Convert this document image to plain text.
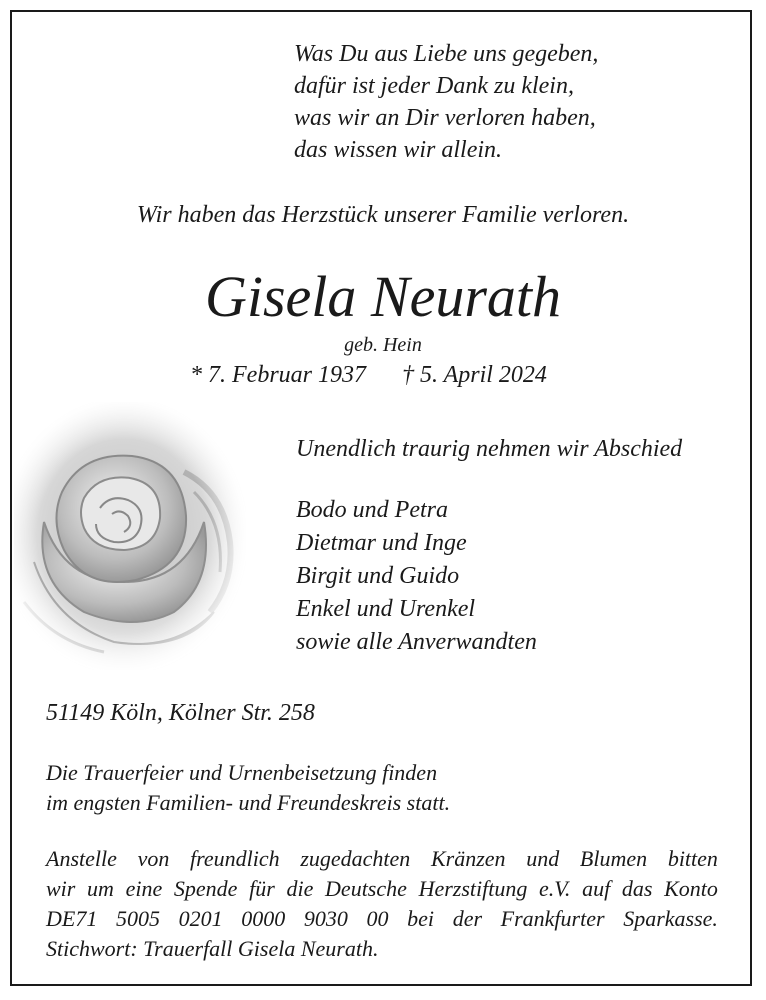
Was Du aus Liebe uns gegeben,
dafür ist jeder Dank zu klein,
was wir an Dir verloren haben,
das wissen wir allein.
Wir haben das Herzstück unserer Familie verloren.
Gisela Neurath
geb. Hein
* 7. Februar 1937 † 5. April 2024
Unendlich traurig nehmen wir Abschied
Bodo und Petra
Dietmar und Inge
Birgit und Guido
Enkel und Urenkel
sowie alle Anverwandten
51149 Köln, Kölner Str. 258
Die Trauerfeier und Urnenbeisetzung finden
im engsten Familien- und Freundeskreis statt.
Anstelle von freundlich zugedachten Kränzen und Blumen bitten
wir um eine Spende für die Deutsche Herzstiftung e.V. auf das Konto
DE71 5005 0201 0000 9030 00 bei der Frankfurter Sparkasse.
Stichwort: Trauerfall Gisela Neurath.
